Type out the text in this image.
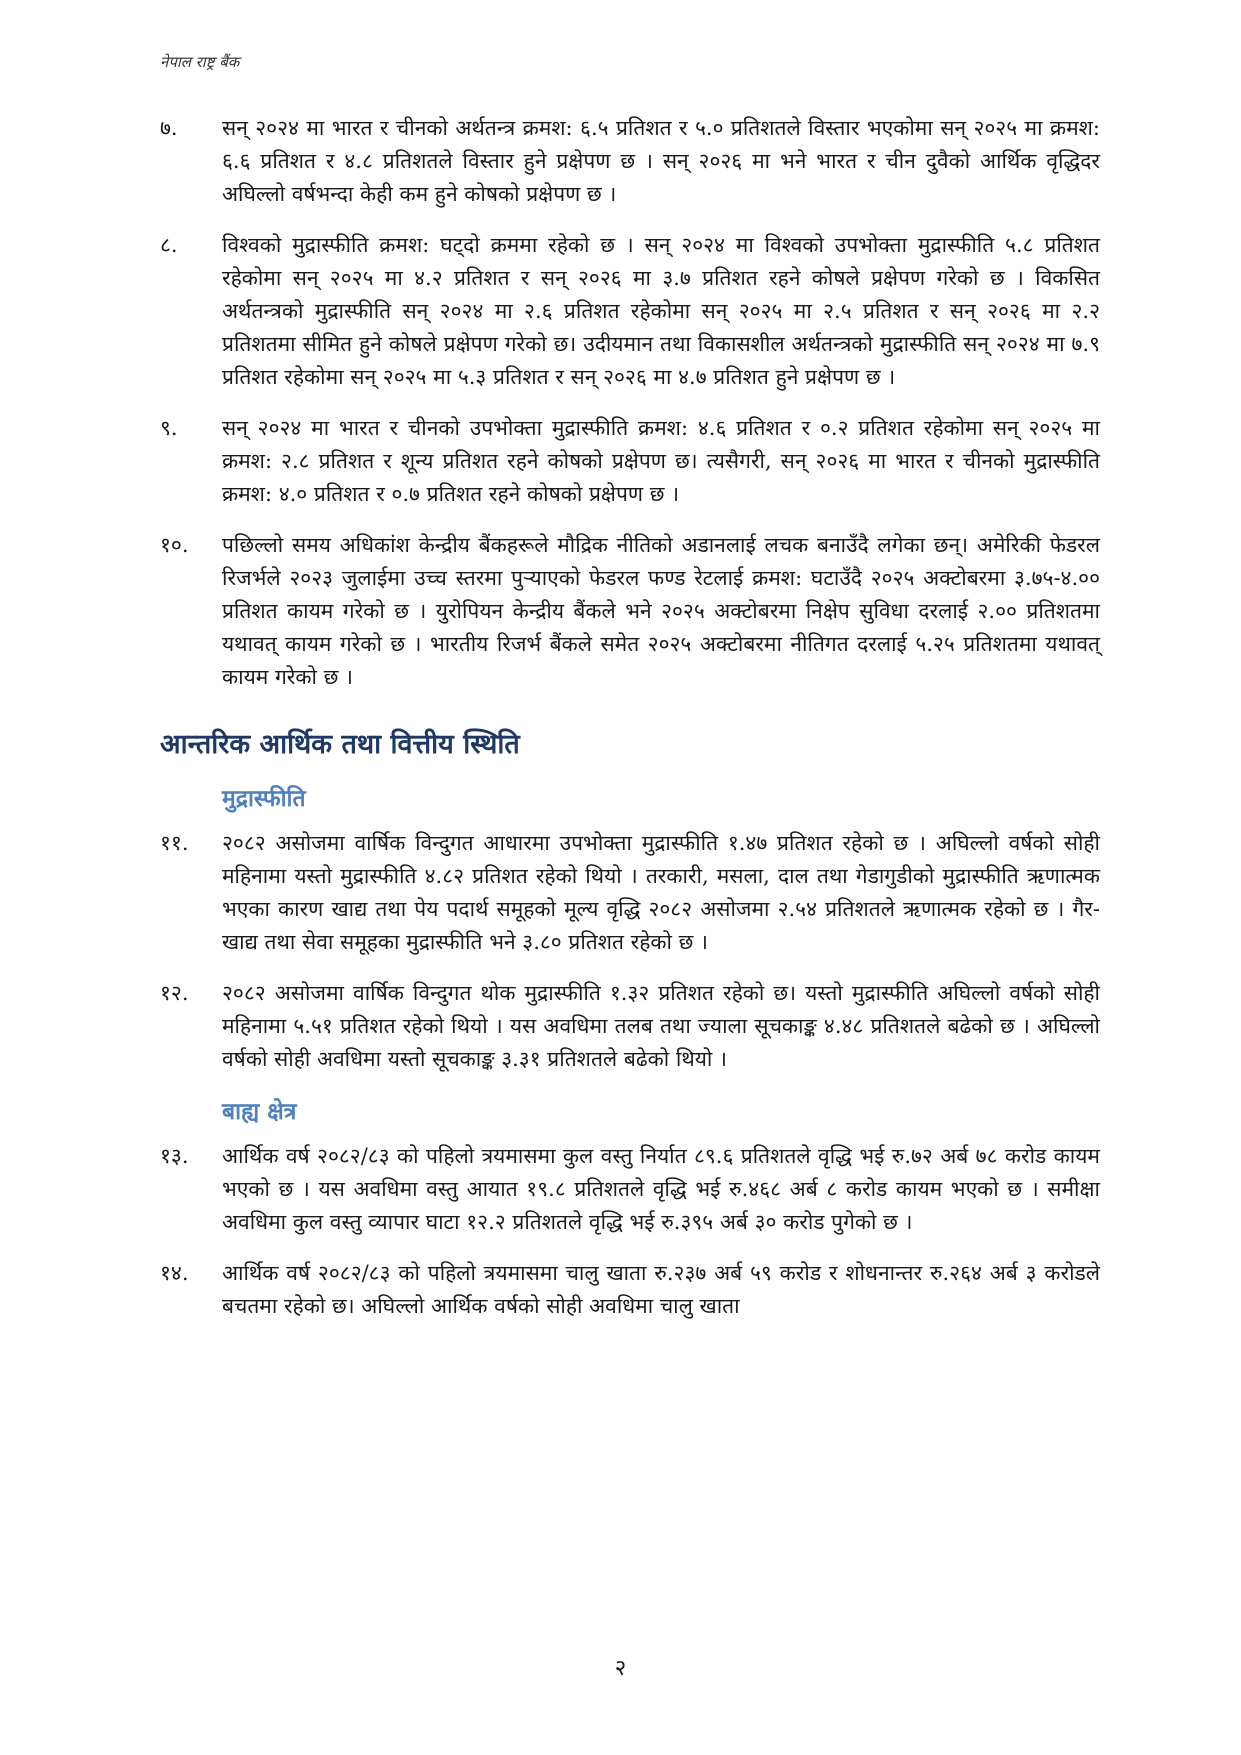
नेपाल राष्ट्र बैंक
७.	सन् २०२४ मा भारत र चीनको अर्थतन्त्र क्रमश: ६.५ प्रतिशत र ५.० प्रतिशतले विस्तार भएकोमा सन् २०२५ मा क्रमश: ६.६ प्रतिशत र ४.८ प्रतिशतले विस्तार हुने प्रक्षेपण छ । सन् २०२६ मा भने भारत र चीन दुवैको आर्थिक वृद्धिदर अघिल्लो वर्षभन्दा केही कम हुने कोषको प्रक्षेपण छ ।
८.	विश्वको मुद्रास्फीति क्रमश: घट्दो क्रममा रहेको छ । सन् २०२४ मा विश्वको उपभोक्ता मुद्रास्फीति ५.८ प्रतिशत रहेकोमा सन् २०२५ मा ४.२ प्रतिशत र सन् २०२६ मा ३.७ प्रतिशत रहने कोषले प्रक्षेपण गरेको छ । विकसित अर्थतन्त्रको मुद्रास्फीति सन् २०२४ मा २.६ प्रतिशत रहेकोमा सन् २०२५ मा २.५ प्रतिशत र सन् २०२६ मा २.२ प्रतिशतमा सीमित हुने कोषले प्रक्षेपण गरेको छ। उदीयमान तथा विकासशील अर्थतन्त्रको मुद्रास्फीति सन् २०२४ मा ७.९ प्रतिशत रहेकोमा सन् २०२५ मा ५.३ प्रतिशत र सन् २०२६ मा ४.७ प्रतिशत हुने प्रक्षेपण छ ।
९.	सन् २०२४ मा भारत र चीनको उपभोक्ता मुद्रास्फीति क्रमश: ४.६ प्रतिशत र ०.२ प्रतिशत रहेकोमा सन् २०२५ मा क्रमश: २.८ प्रतिशत र शून्य प्रतिशत रहने कोषको प्रक्षेपण छ। त्यसैगरी, सन् २०२६ मा भारत र चीनको मुद्रास्फीति क्रमश: ४.० प्रतिशत र ०.७ प्रतिशत रहने कोषको प्रक्षेपण छ ।
१०.	पछिल्लो समय अधिकांश केन्द्रीय बैंकहरूले मौद्रिक नीतिको अडानलाई लचक बनाउँदै लगेका छन्। अमेरिकी फेडरल रिजर्भले २०२३ जुलाईमा उच्च स्तरमा पुऱ्याएको फेडरल फण्ड रेटलाई क्रमश: घटाउँदै २०२५ अक्टोबरमा ३.७५-४.०० प्रतिशत कायम गरेको छ । युरोपियन केन्द्रीय बैंकले भने २०२५ अक्टोबरमा निक्षेप सुविधा दरलाई २.०० प्रतिशतमा यथावत् कायम गरेको छ । भारतीय रिजर्भ बैंकले समेत २०२५ अक्टोबरमा नीतिगत दरलाई ५.२५ प्रतिशतमा यथावत् कायम गरेको छ ।
आन्तरिक आर्थिक तथा वित्तीय स्थिति
मुद्रास्फीति
११.	२०८२ असोजमा वार्षिक विन्दुगत आधारमा उपभोक्ता मुद्रास्फीति १.४७ प्रतिशत रहेको छ । अघिल्लो वर्षको सोही महिनामा यस्तो मुद्रास्फीति ४.८२ प्रतिशत रहेको थियो । तरकारी, मसला, दाल तथा गेडागुडीको मुद्रास्फीति ऋणात्मक भएका कारण खाद्य तथा पेय पदार्थ समूहको मूल्य वृद्धि २०८२ असोजमा २.५४ प्रतिशतले ऋणात्मक रहेको छ । गैर-खाद्य तथा सेवा समूहका मुद्रास्फीति भने ३.८० प्रतिशत रहेको छ ।
१२.	२०८२ असोजमा वार्षिक विन्दुगत थोक मुद्रास्फीति १.३२ प्रतिशत रहेको छ। यस्तो मुद्रास्फीति अघिल्लो वर्षको सोही महिनामा ५.५१ प्रतिशत रहेको थियो । यस अवधिमा तलब तथा ज्याला सूचकाङ्क ४.४८ प्रतिशतले बढेको छ । अघिल्लो वर्षको सोही अवधिमा यस्तो सूचकाङ्क ३.३१ प्रतिशतले बढेको थियो ।
बाह्य क्षेत्र
१३.	आर्थिक वर्ष २०८२/८३ को पहिलो त्रयमासमा कुल वस्तु निर्यात ८९.६ प्रतिशतले वृद्धि भई रु.७२ अर्ब ७८ करोड कायम भएको छ । यस अवधिमा वस्तु आयात १९.८ प्रतिशतले वृद्धि भई रु.४६८ अर्ब ८ करोड कायम भएको छ । समीक्षा अवधिमा कुल वस्तु व्यापार घाटा १२.२ प्रतिशतले वृद्धि भई रु.३९५ अर्ब ३० करोड पुगेको छ ।
१४.	आर्थिक वर्ष २०८२/८३ को पहिलो त्रयमासमा चालु खाता रु.२३७ अर्ब ५९ करोड र शोधनान्तर रु.२६४ अर्ब ३ करोडले बचतमा रहेको छ। अघिल्लो आर्थिक वर्षको सोही अवधिमा चालु खाता
२
